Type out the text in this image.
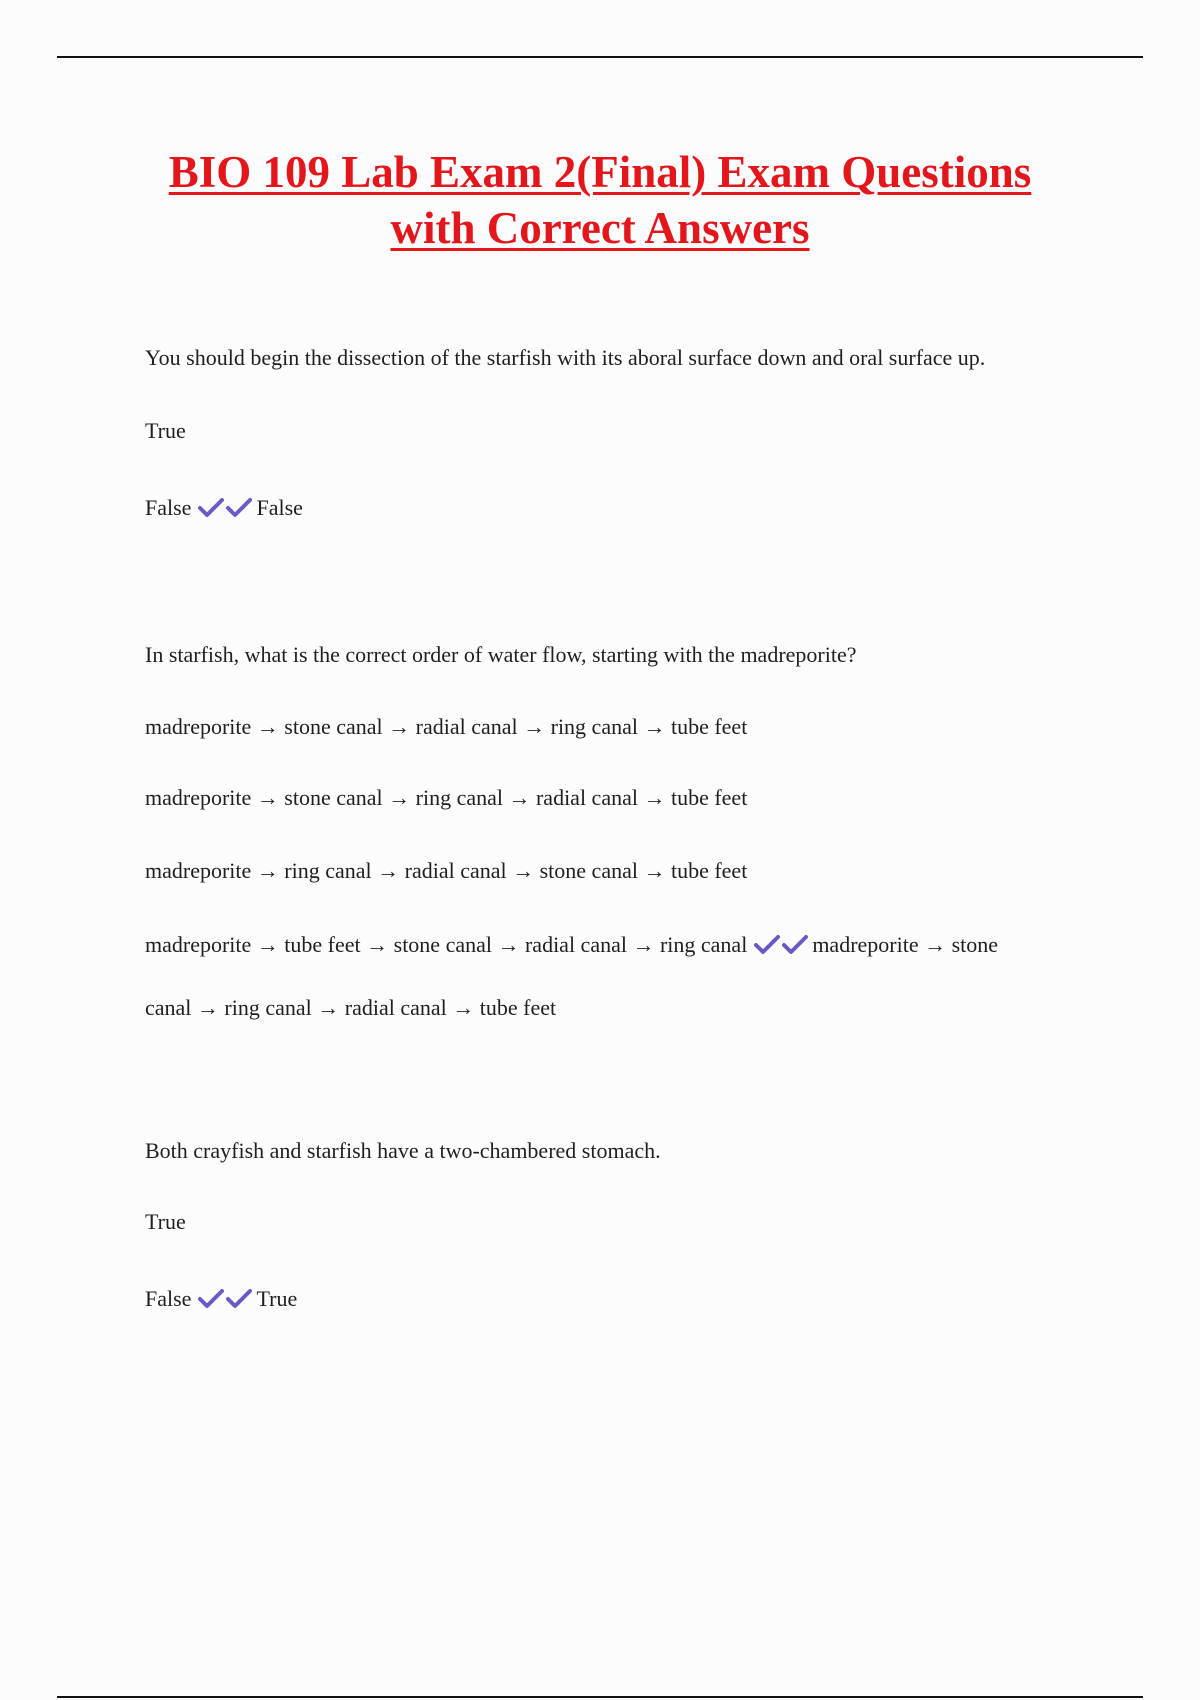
BIO 109 Lab Exam 2(Final) Exam Questions
with Correct Answers

You should begin the dissection of the starfish with its aboral surface down and oral surface up.

True

False	False

In starfish, what is the correct order of water flow, starting with the madreporite?

madreporite → stone canal → radial canal → ring canal → tube feet

madreporite → stone canal → ring canal → radial canal → tube feet

madreporite → ring canal → radial canal → stone canal → tube feet

madreporite → tube feet → stone canal → radial canal → ring canal	madreporite → stone

canal → ring canal → radial canal → tube feet

Both crayfish and starfish have a two-chambered stomach.

True

False	True
